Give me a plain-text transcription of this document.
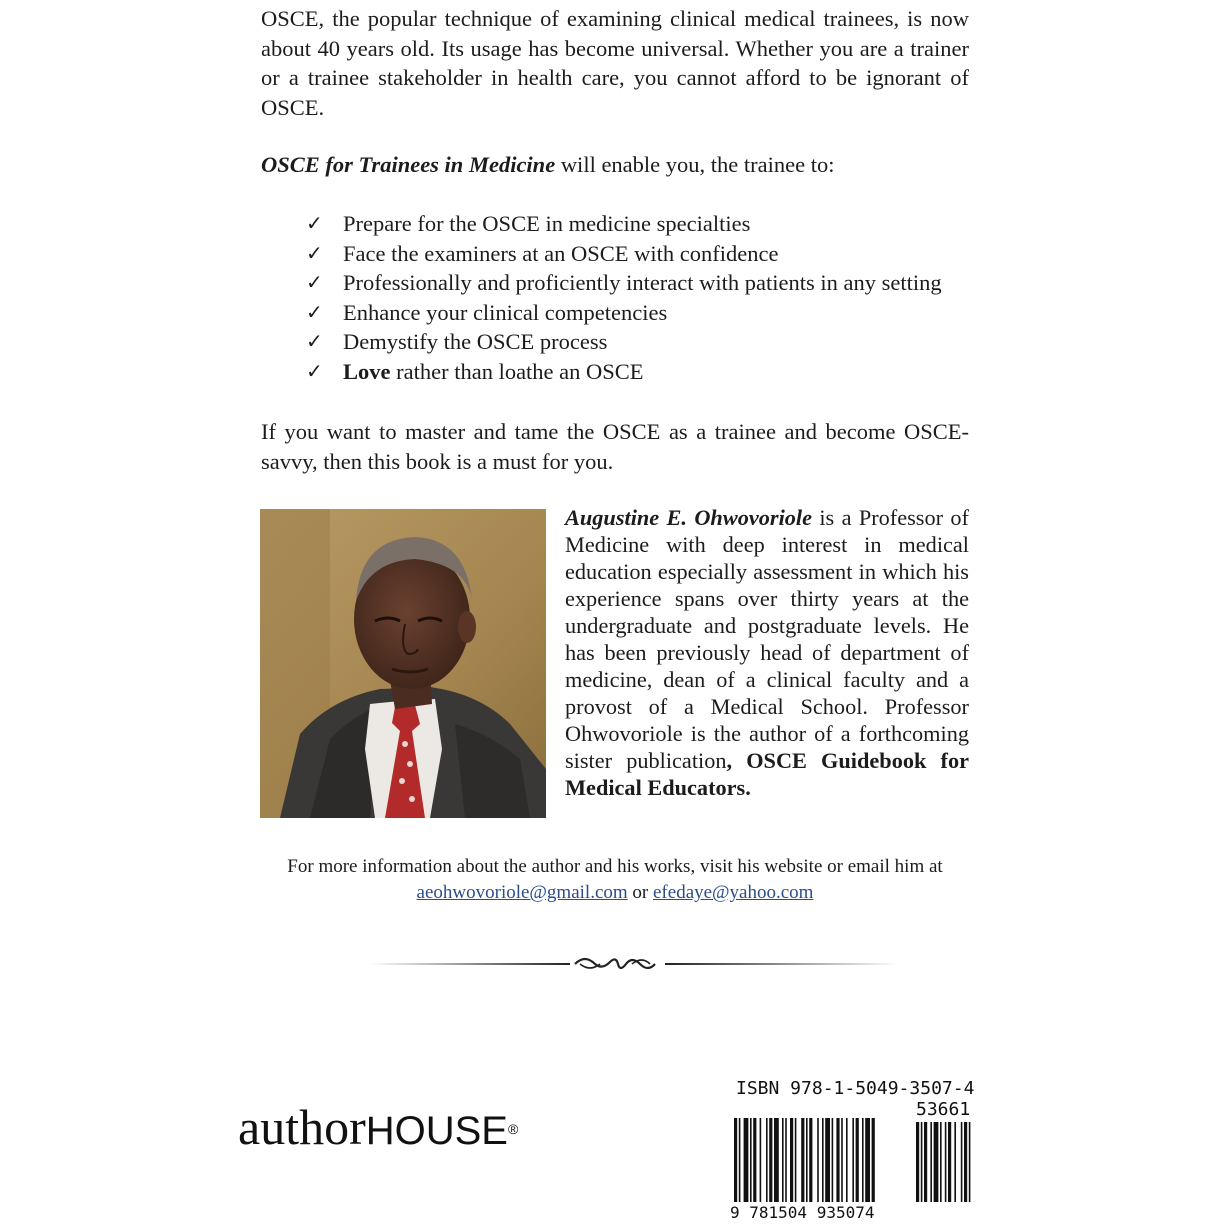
OSCE, the popular technique of examining clinical medical trainees, is now about 40 years old. Its usage has become universal. Whether you are a trainer or a trainee stakeholder in health care, you cannot afford to be ignorant of OSCE.
OSCE for Trainees in Medicine will enable you, the trainee to:
✓ Prepare for the OSCE in medicine specialties
✓ Face the examiners at an OSCE with confidence
✓ Professionally and proficiently interact with patients in any setting
✓ Enhance your clinical competencies
✓ Demystify the OSCE process
✓ Love rather than loathe an OSCE
If you want to master and tame the OSCE as a trainee and become OSCE-savvy, then this book is a must for you.
Augustine E. Ohwovoriole is a Professor of Medicine with deep interest in medical education especially assessment in which his experience spans over thirty years at the undergraduate and postgraduate levels. He has been previously head of department of medicine, dean of a clinical faculty and a provost of a Medical School. Professor Ohwovoriole is the author of a forthcoming sister publication, OSCE Guidebook for Medical Educators.
For more information about the author and his works, visit his website or email him at
aeohwovoriole@gmail.com or efedaye@yahoo.com
authorHOUSE®
ISBN 978-1-5049-3507-4
53661
9 781504 935074
